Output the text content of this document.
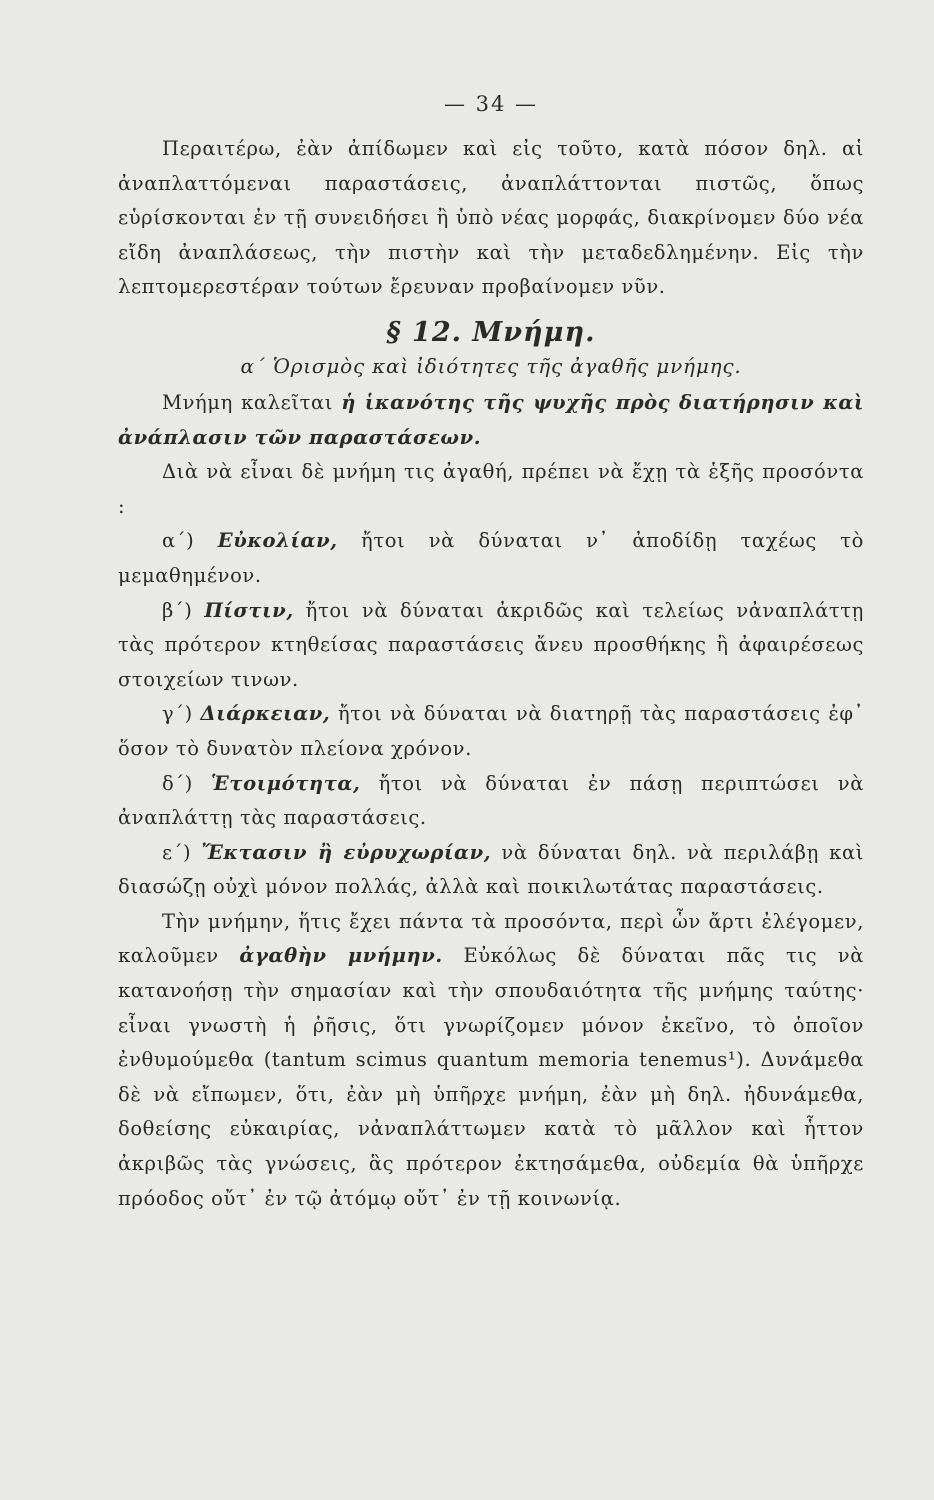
— 34 —

Περαιτέρω, ἐὰν ἀπίδωμεν καὶ εἰς τοῦτο, κατὰ πόσον δηλ. αἱ ἀναπλαττόμεναι παραστάσεις, ἀναπλάττονται πιστῶς, ὅπως εὑρίσκονται ἐν τῇ συνειδήσει ἢ ὑπὸ νέας μορφάς, διακρίνομεν δύο νέα εἴδη ἀναπλάσεως, τὴν πιστὴν καὶ τὴν μεταδεδλημένην. Εἰς τὴν λεπτομερεστέραν τούτων ἔρευναν προβαίνομεν νῦν.

§ 12. Μνήμη.
α´ Ὁρισμὸς καὶ ἰδιότητες τῆς ἀγαθῆς μνήμης.

Μνήμη καλεῖται ἡ ἱκανότης τῆς ψυχῆς πρὸς διατήρησιν καὶ ἀνάπλασιν τῶν παραστάσεων.

Διὰ νὰ εἶναι δὲ μνήμη τις ἀγαθή, πρέπει νὰ ἔχῃ τὰ ἑξῆς προσόντα :

α´) Εὐκολίαν, ἤτοι νὰ δύναται ν᾽ ἀποδίδῃ ταχέως τὸ μεμαθημένον.

β´) Πίστιν, ἤτοι νὰ δύναται ἀκριδῶς καὶ τελείως νἀναπλάττῃ τὰς πρότερον κτηθείσας παραστάσεις ἄνευ προσθήκης ἢ ἀφαιρέσεως στοιχείων τινων.

γ´) Διάρκειαν, ἤτοι νὰ δύναται νὰ διατηρῇ τὰς παραστάσεις ἐφ᾽ ὅσον τὸ δυνατὸν πλείονα χρόνον.

δ´) Ἑτοιμότητα, ἤτοι νὰ δύναται ἐν πάσῃ περιπτώσει νὰ ἀναπλάττῃ τὰς παραστάσεις.

ε´) Ἔκτασιν ἢ εὐρυχωρίαν, νὰ δύναται δηλ. νὰ περιλάβῃ καὶ διασώζῃ οὐχὶ μόνον πολλάς, ἀλλὰ καὶ ποικιλωτάτας παραστάσεις.

Τὴν μνήμην, ἥτις ἔχει πάντα τὰ προσόντα, περὶ ὧν ἄρτι ἐλέγομεν, καλοῦμεν ἀγαθὴν μνήμην. Εὐκόλως δὲ δύναται πᾶς τις νὰ κατανοήσῃ τὴν σημασίαν καὶ τὴν σπουδαιότητα τῆς μνήμης ταύτης· εἶναι γνωστὴ ἡ ῥῆσις, ὅτι γνωρίζομεν μόνον ἐκεῖνο, τὸ ὁποῖον ἐνθυμούμεθα (tantum scimus quantum memoria tenemus¹). Δυνάμεθα δὲ νὰ εἴπωμεν, ὅτι, ἐὰν μὴ ὑπῆρχε μνήμη, ἐὰν μὴ δηλ. ἠδυνάμεθα, δοθείσης εὐκαιρίας, νἀναπλάττωμεν κατὰ τὸ μᾶλλον καὶ ἧττον ἀκριβῶς τὰς γνώσεις, ἃς πρότερον ἐκτησάμεθα, οὐδεμία θὰ ὑπῆρχε πρόοδος οὔτ᾽ ἐν τῷ ἀτόμῳ οὔτ᾽ ἐν τῇ κοινωνίᾳ.
